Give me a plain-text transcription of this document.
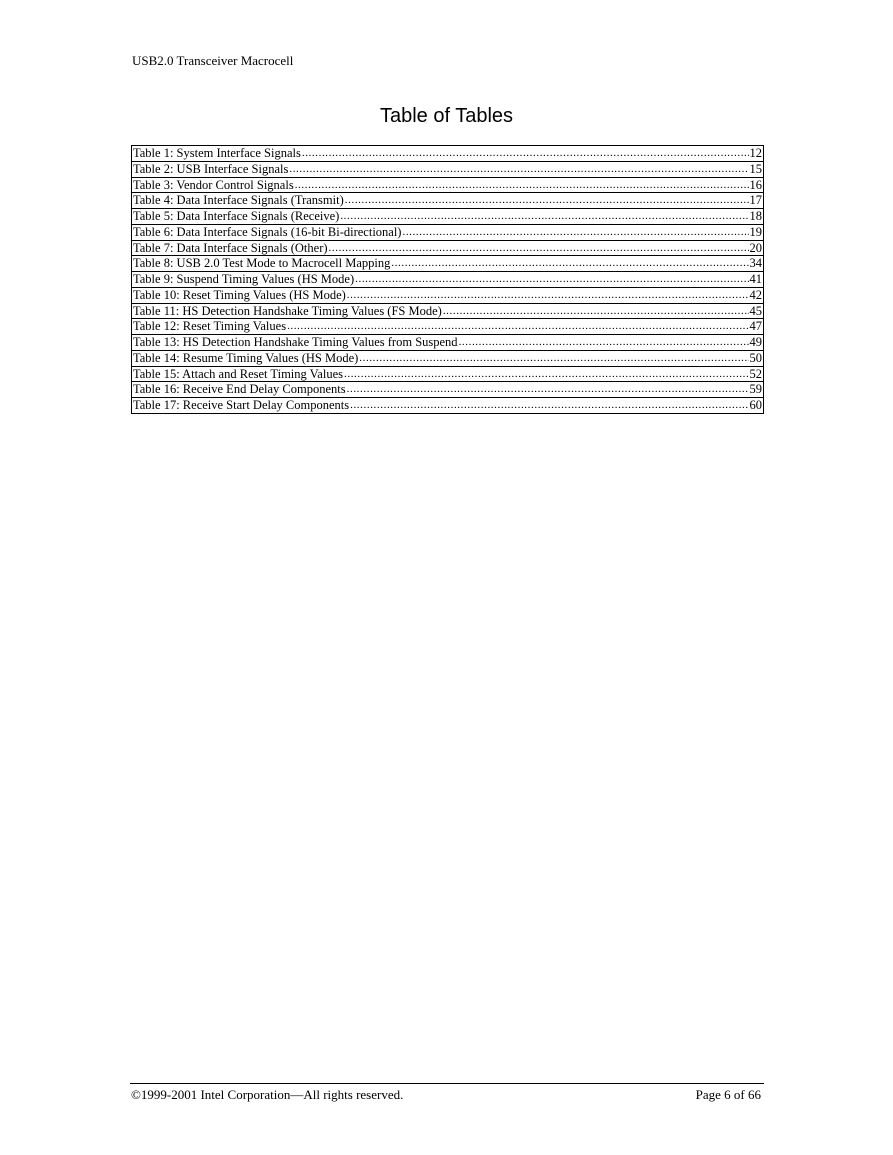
USB2.0 Transceiver Macrocell
Table of Tables
Table 1: System Interface Signals .....	12
Table 2: USB Interface Signals .....	15
Table 3: Vendor Control Signals .....	16
Table 4: Data Interface Signals (Transmit) .....	17
Table 5: Data Interface Signals (Receive) .....	18
Table 6: Data Interface Signals (16-bit Bi-directional) .....	19
Table 7: Data Interface Signals (Other) .....	20
Table 8: USB 2.0 Test Mode to Macrocell Mapping .....	34
Table 9: Suspend Timing Values (HS Mode) .....	41
Table 10: Reset Timing Values (HS Mode) .....	42
Table 11: HS Detection Handshake Timing Values (FS Mode) .....	45
Table 12: Reset Timing Values .....	47
Table 13: HS Detection Handshake Timing Values from Suspend .....	49
Table 14: Resume Timing Values (HS Mode) .....	50
Table 15: Attach and Reset Timing Values .....	52
Table 16: Receive End Delay Components .....	59
Table 17: Receive Start Delay Components .....	60
©1999-2001 Intel Corporation—All rights reserved.	Page 6 of 66
